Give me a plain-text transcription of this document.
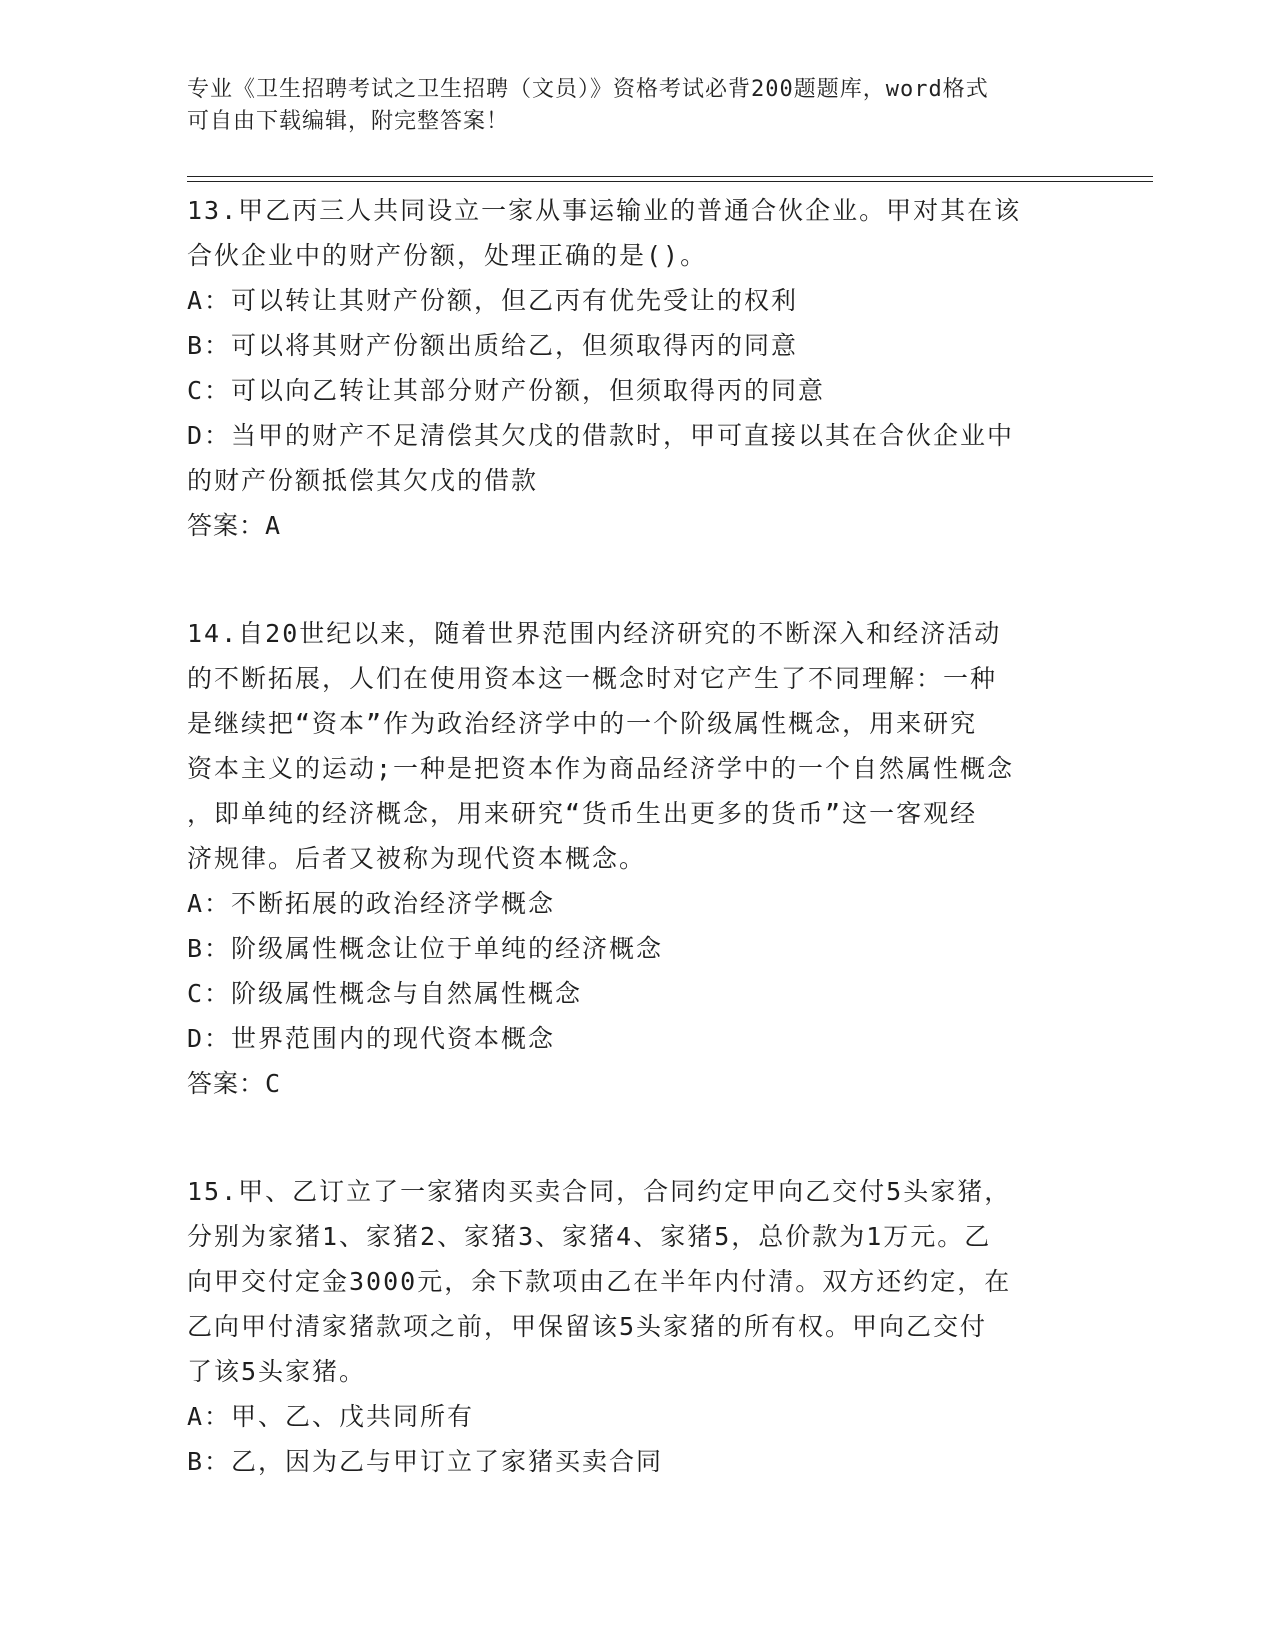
专业《卫生招聘考试之卫生招聘（文员）》资格考试必背200题题库，word格式
可自由下载编辑，附完整答案！
13.甲乙丙三人共同设立一家从事运输业的普通合伙企业。甲对其在该
合伙企业中的财产份额，处理正确的是()。
A：可以转让其财产份额，但乙丙有优先受让的权利
B：可以将其财产份额出质给乙，但须取得丙的同意
C：可以向乙转让其部分财产份额，但须取得丙的同意
D：当甲的财产不足清偿其欠戊的借款时，甲可直接以其在合伙企业中
的财产份额抵偿其欠戊的借款
答案：A
14.自20世纪以来，随着世界范围内经济研究的不断深入和经济活动
的不断拓展，人们在使用资本这一概念时对它产生了不同理解：一种
是继续把“资本”作为政治经济学中的一个阶级属性概念，用来研究
资本主义的运动;一种是把资本作为商品经济学中的一个自然属性概念
，即单纯的经济概念，用来研究“货币生出更多的货币”这一客观经
济规律。后者又被称为现代资本概念。
A：不断拓展的政治经济学概念
B：阶级属性概念让位于单纯的经济概念
C：阶级属性概念与自然属性概念
D：世界范围内的现代资本概念
答案：C
15.甲、乙订立了一家猪肉买卖合同，合同约定甲向乙交付5头家猪，
分别为家猪1、家猪2、家猪3、家猪4、家猪5，总价款为1万元。乙
向甲交付定金3000元，余下款项由乙在半年内付清。双方还约定，在
乙向甲付清家猪款项之前，甲保留该5头家猪的所有权。甲向乙交付
了该5头家猪。
A：甲、乙、戊共同所有
B：乙，因为乙与甲订立了家猪买卖合同
